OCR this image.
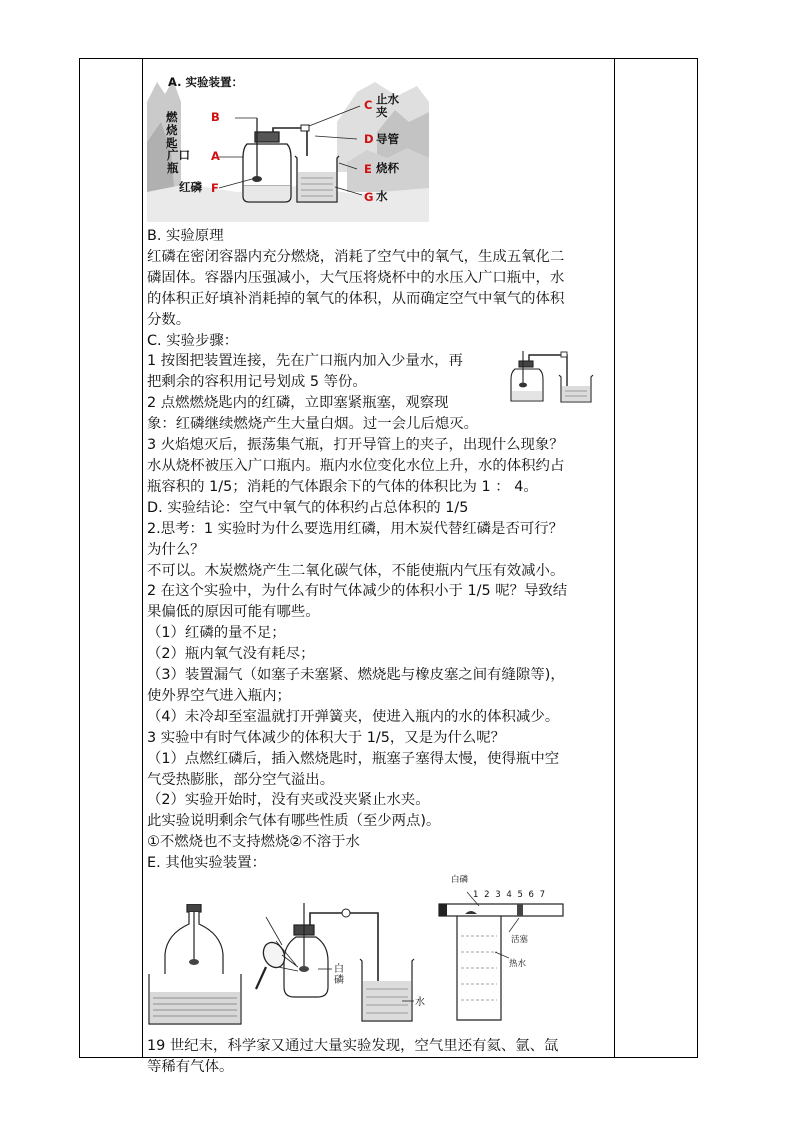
A. 实验装置：
燃烧匙
B
广口瓶
A
红磷 F
C 止水夹
D 导管
E 烧杯
G 水
B. 实验原理
红磷在密闭容器内充分燃烧，消耗了空气中的氧气，生成五氧化二
磷固体。容器内压强减小，大气压将烧杯中的水压入广口瓶中，水
的体积正好填补消耗掉的氧气的体积，从而确定空气中氧气的体积
分数。
C. 实验步骤：
1 按图把装置连接，先在广口瓶内加入少量水，再
把剩余的容积用记号划成 5 等份。
2 点燃燃烧匙内的红磷，立即塞紧瓶塞，观察现
象：红磷继续燃烧产生大量白烟。过一会儿后熄灭。
3 火焰熄灭后，振荡集气瓶，打开导管上的夹子，出现什么现象？
水从烧杯被压入广口瓶内。瓶内水位变化水位上升，水的体积约占
瓶容积的 1/5；消耗的气体跟余下的气体的体积比为 1 ： 4。
D. 实验结论：空气中氧气的体积约占总体积的 1/5
2.思考：1 实验时为什么要选用红磷，用木炭代替红磷是否可行？
为什么？
不可以。木炭燃烧产生二氧化碳气体，不能使瓶内气压有效减小。
2 在这个实验中，为什么有时气体减少的体积小于 1/5 呢？导致结
果偏低的原因可能有哪些。
（1）红磷的量不足；
（2）瓶内氧气没有耗尽；
（3）装置漏气（如塞子未塞紧、燃烧匙与橡皮塞之间有缝隙等)，
使外界空气进入瓶内；
（4）未冷却至室温就打开弹簧夹，使进入瓶内的水的体积减少。
3 实验中有时气体减少的体积大于 1/5，又是为什么呢？
（1）点燃红磷后，插入燃烧匙时，瓶塞子塞得太慢，使得瓶中空
气受热膨胀，部分空气溢出。
（2）实验开始时，没有夹或没夹紧止水夹。
此实验说明剩余气体有哪些性质（至少两点)。
①不燃烧也不支持燃烧②不溶于水
E. 其他实验装置：
白磷
水
白磷
1 2 3 4 5 6 7
活塞
热水
19 世纪末，科学家又通过大量实验发现，空气里还有氦、氩、氙
等稀有气体。
